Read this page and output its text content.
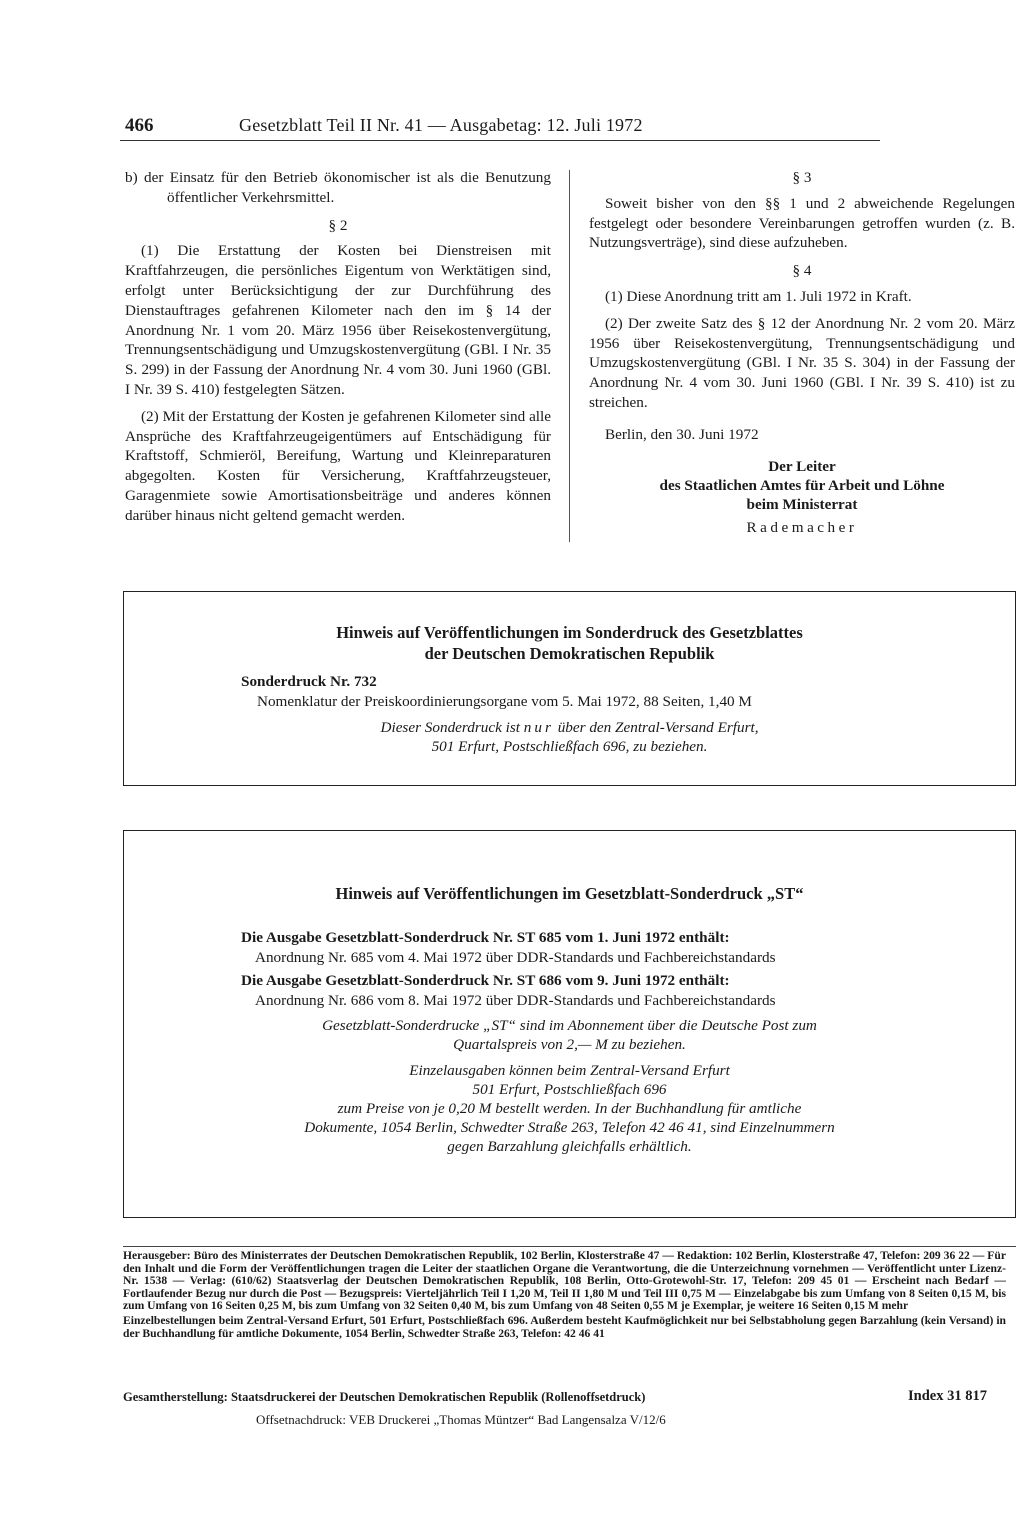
466	Gesetzblatt Teil II Nr. 41 — Ausgabetag: 12. Juli 1972

b) der Einsatz für den Betrieb ökonomischer ist als die Benutzung öffentlicher Verkehrsmittel.

§ 2

(1) Die Erstattung der Kosten bei Dienstreisen mit Kraftfahrzeugen, die persönliches Eigentum von Werktätigen sind, erfolgt unter Berücksichtigung der zur Durchführung des Dienstauftrages gefahrenen Kilometer nach den im § 14 der Anordnung Nr. 1 vom 20. März 1956 über Reisekostenvergütung, Trennungsentschädigung und Umzugskostenvergütung (GBl. I Nr. 35 S. 299) in der Fassung der Anordnung Nr. 4 vom 30. Juni 1960 (GBl. I Nr. 39 S. 410) festgelegten Sätzen.

(2) Mit der Erstattung der Kosten je gefahrenen Kilometer sind alle Ansprüche des Kraftfahrzeugeigentümers auf Entschädigung für Kraftstoff, Schmieröl, Bereifung, Wartung und Kleinreparaturen abgegolten. Kosten für Versicherung, Kraftfahrzeugsteuer, Garagenmiete sowie Amortisationsbeiträge und anderes können darüber hinaus nicht geltend gemacht werden.

§ 3

Soweit bisher von den §§ 1 und 2 abweichende Regelungen festgelegt oder besondere Vereinbarungen getroffen wurden (z. B. Nutzungsverträge), sind diese aufzuheben.

§ 4

(1) Diese Anordnung tritt am 1. Juli 1972 in Kraft.

(2) Der zweite Satz des § 12 der Anordnung Nr. 2 vom 20. März 1956 über Reisekostenvergütung, Trennungsentschädigung und Umzugskostenvergütung (GBl. I Nr. 35 S. 304) in der Fassung der Anordnung Nr. 4 vom 30. Juni 1960 (GBl. I Nr. 39 S. 410) ist zu streichen.

Berlin, den 30. Juni 1972

Der Leiter
des Staatlichen Amtes für Arbeit und Löhne
beim Ministerrat
Rademacher
Hinweis auf Veröffentlichungen im Sonderdruck des Gesetzblattes
der Deutschen Demokratischen Republik
Sonderdruck Nr. 732
Nomenklatur der Preiskoordinierungsorgane vom 5. Mai 1972, 88 Seiten, 1,40 M
Dieser Sonderdruck ist nur über den Zentral-Versand Erfurt,
501 Erfurt, Postschließfach 696, zu beziehen.
Hinweis auf Veröffentlichungen im Gesetzblatt-Sonderdruck „ST“
Die Ausgabe Gesetzblatt-Sonderdruck Nr. ST 685 vom 1. Juni 1972 enthält:
Anordnung Nr. 685 vom 4. Mai 1972 über DDR-Standards und Fachbereichstandards
Die Ausgabe Gesetzblatt-Sonderdruck Nr. ST 686 vom 9. Juni 1972 enthält:
Anordnung Nr. 686 vom 8. Mai 1972 über DDR-Standards und Fachbereichstandards
Gesetzblatt-Sonderdrucke „ST“ sind im Abonnement über die Deutsche Post zum
Quartalspreis von 2,— M zu beziehen.
Einzelausgaben können beim Zentral-Versand Erfurt
501 Erfurt, Postschließfach 696
zum Preise von je 0,20 M bestellt werden. In der Buchhandlung für amtliche
Dokumente, 1054 Berlin, Schwedter Straße 263, Telefon 42 46 41, sind Einzelnummern
gegen Barzahlung gleichfalls erhältlich.

Herausgeber: Büro des Ministerrates der Deutschen Demokratischen Republik, 102 Berlin, Klosterstraße 47 — Redaktion: 102 Berlin, Klosterstraße 47, Telefon: 209 36 22 — Für den Inhalt und die Form der Veröffentlichungen tragen die Leiter der staatlichen Organe die Verantwortung, die die Unterzeichnung vornehmen — Veröffentlicht unter Lizenz-Nr. 1538 — Verlag: (610/62) Staatsverlag der Deutschen Demokratischen Republik, 108 Berlin, Otto-Grotewohl-Str. 17, Telefon: 209 45 01 — Erscheint nach Bedarf — Fortlaufender Bezug nur durch die Post — Bezugspreis: Vierteljährlich Teil I 1,20 M, Teil II 1,80 M und Teil III 0,75 M — Einzelabgabe bis zum Umfang von 8 Seiten 0,15 M, bis zum Umfang von 16 Seiten 0,25 M, bis zum Umfang von 32 Seiten 0,40 M, bis zum Umfang von 48 Seiten 0,55 M je Exemplar, je weitere 16 Seiten 0,15 M mehr

Einzelbestellungen beim Zentral-Versand Erfurt, 501 Erfurt, Postschließfach 696. Außerdem besteht Kaufmöglichkeit nur bei Selbstabholung gegen Barzahlung (kein Versand) in der Buchhandlung für amtliche Dokumente, 1054 Berlin, Schwedter Straße 263, Telefon: 42 46 41

Gesamtherstellung: Staatsdruckerei der Deutschen Demokratischen Republik (Rollenoffsetdruck)	Index 31 817
Offsetnachdruck: VEB Druckerei „Thomas Müntzer“ Bad Langensalza V/12/6
